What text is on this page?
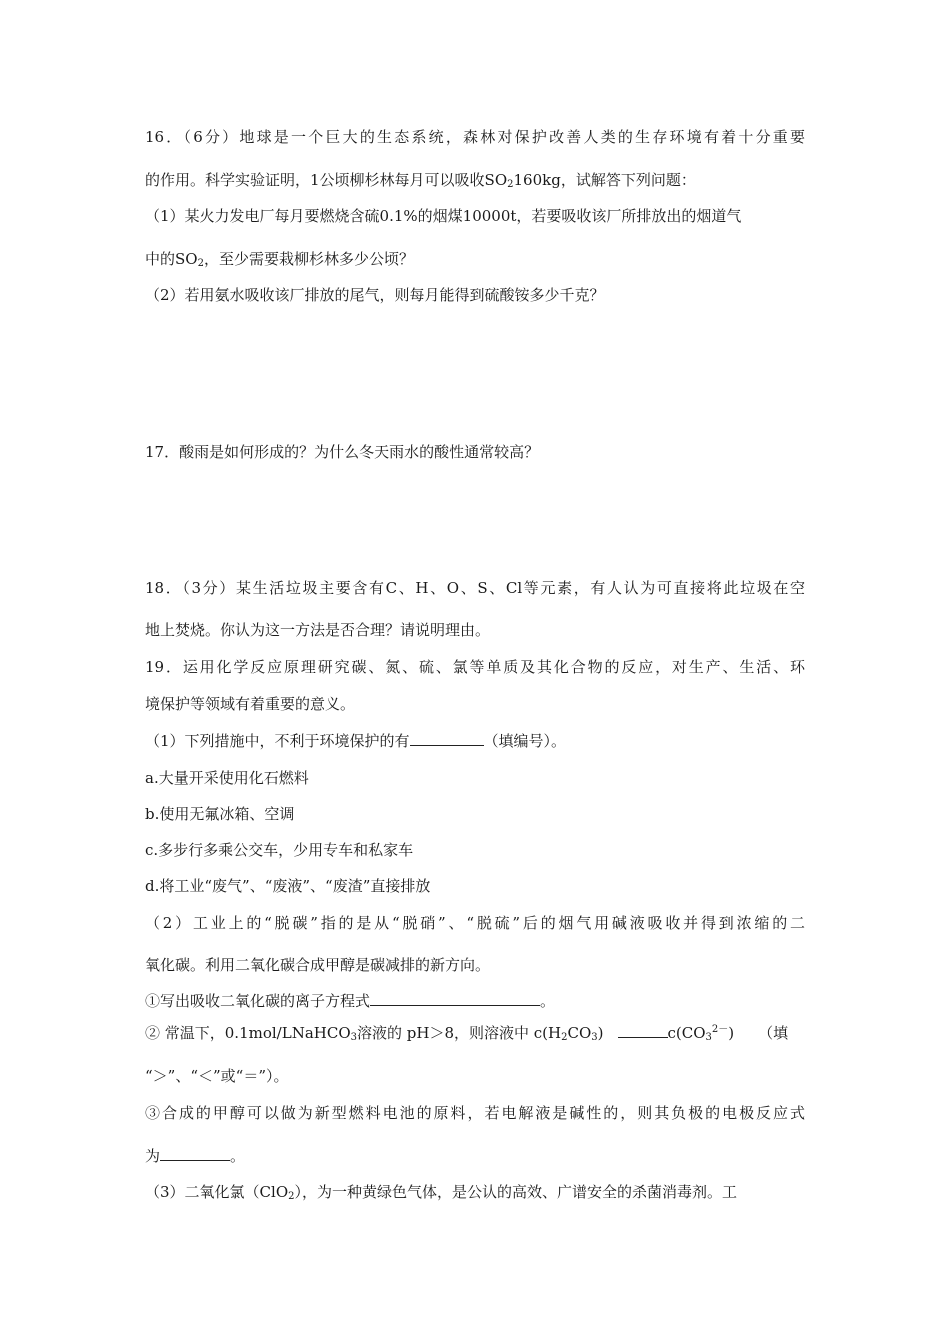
16．（6分）地球是一个巨大的生态系统，森林对保护改善人类的生存环境有着十分重要
的作用。科学实验证明，1公顷柳杉林每月可以吸收$SO_2160kg$，试解答下列问题：
（1）某火力发电厂每月要燃烧含硫0.1%的烟煤10000t，若要吸收该厂所排放出的烟道气
中的$SO_2$，至少需要栽柳杉林多少公顷？
（2）若用氨水吸收该厂排放的尾气，则每月能得到硫酸铵多少千克？
17．酸雨是如何形成的？为什么冬天雨水的酸性通常较高？
18．（3分）某生活垃圾主要含有C、H、O、S、Cl等元素，有人认为可直接将此垃圾在空
地上焚烧。你认为这一方法是否合理？请说明理由。
19．运用化学反应原理研究碳、氮、硫、氯等单质及其化合物的反应，对生产、生活、环
境保护等领域有着重要的意义。
（1）下列措施中，不利于环境保护的有	（填编号）。
a.大量开采使用化石燃料
b.使用无氟冰箱、空调
c.多步行多乘公交车，少用专车和私家车
d.将工业“废气”、“废液”、“废渣”直接排放
（2）工业上的“脱碳”指的是从“脱硝”、“脱硫”后的烟气用碱液吸收并得到浓缩的二
氧化碳。利用二氧化碳合成甲醇是碳减排的新方向。
①写出吸收二氧化碳的离子方程式	。
② 常温下，0.1mol/LNaHCO$_3$溶液的 pH＞8，则溶液中 $c(H_2CO_3)$	$c(CO_3^{2-})$ （填
“＞”、“＜”或“＝”）。
③合成的甲醇可以做为新型燃料电池的原料，若电解液是碱性的，则其负极的电极反应式
为	。
（3）二氧化氯（ClO$_2$），为一种黄绿色气体，是公认的高效、广谱安全的杀菌消毒剂。工
